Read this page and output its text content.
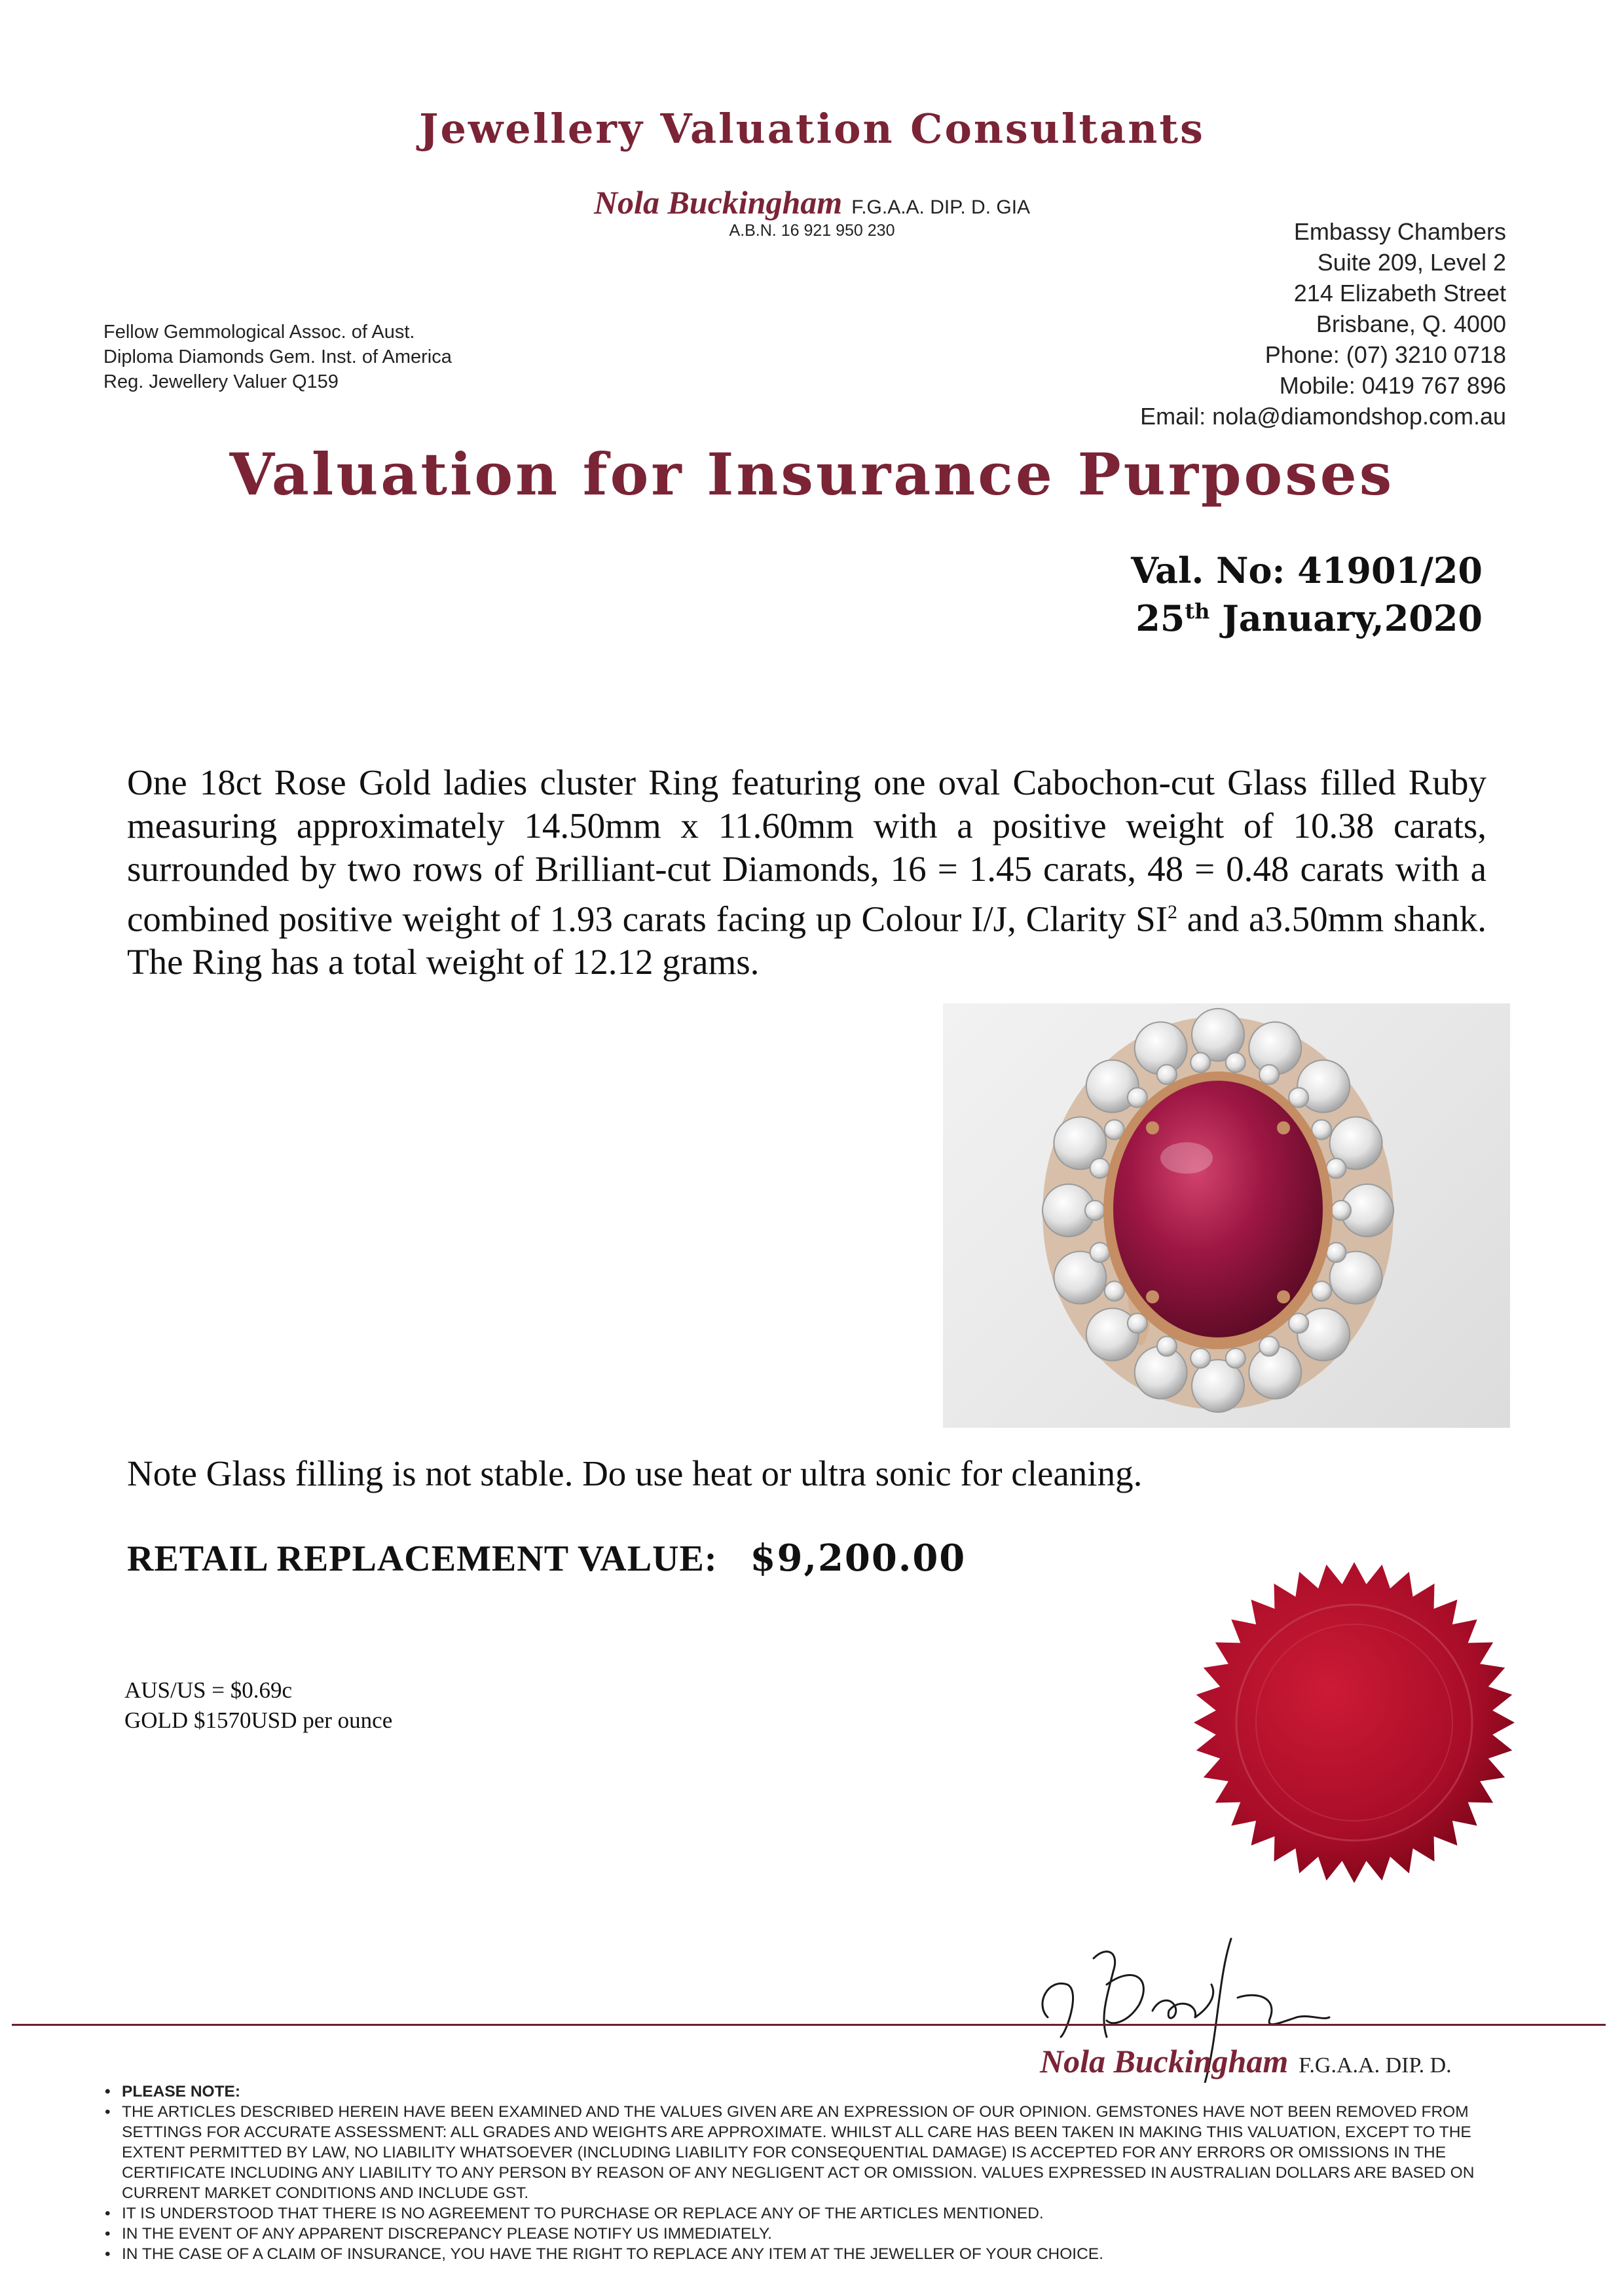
Jewellery Valuation Consultants
Nola Buckingham F.G.A.A. DIP. D. GIA
A.B.N. 16 921 950 230	Embassy Chambers
Suite 209, Level 2
214 Elizabeth Street
Brisbane, Q. 4000
Phone: (07) 3210 0718
Mobile: 0419 767 896
Email: nola@diamondshop.com.au
Fellow Gemmological Assoc. of Aust.
Diploma Diamonds Gem. Inst. of America
Reg. Jewellery Valuer Q159
Valuation for Insurance Purposes
Val. No: 41901/20
25th January,2020
One 18ct Rose Gold ladies cluster Ring featuring one oval Cabochon-cut Glass filled Ruby measuring approximately 14.50mm x 11.60mm with a positive weight of 10.38 carats, surrounded by two rows of Brilliant-cut Diamonds, 16 = 1.45 carats, 48 = 0.48 carats with a combined positive weight of 1.93 carats facing up Colour I/J, Clarity $SI^2$ and a3.50mm shank. The Ring has a total weight of 12.12 grams.
Note Glass filling is not stable. Do use heat or ultra sonic for cleaning.
RETAIL REPLACEMENT VALUE: $9,200.00
AUS/US = $0.69c
GOLD $1570USD per ounce
Nola Buckingham F.G.A.A. DIP. D.
• PLEASE NOTE:
• THE ARTICLES DESCRIBED HEREIN HAVE BEEN EXAMINED AND THE VALUES GIVEN ARE AN EXPRESSION OF OUR OPINION. GEMSTONES HAVE NOT BEEN REMOVED FROM SETTINGS FOR ACCURATE ASSESSMENT: ALL GRADES AND WEIGHTS ARE APPROXIMATE. WHILST ALL CARE HAS BEEN TAKEN IN MAKING THIS VALUATION, EXCEPT TO THE EXTENT PERMITTED BY LAW, NO LIABILITY WHATSOEVER (INCLUDING LIABILITY FOR CONSEQUENTIAL DAMAGE) IS ACCEPTED FOR ANY ERRORS OR OMISSIONS IN THE CERTIFICATE INCLUDING ANY LIABILITY TO ANY PERSON BY REASON OF ANY NEGLIGENT ACT OR OMISSION. VALUES EXPRESSED IN AUSTRALIAN DOLLARS ARE BASED ON CURRENT MARKET CONDITIONS AND INCLUDE GST.
• IT IS UNDERSTOOD THAT THERE IS NO AGREEMENT TO PURCHASE OR REPLACE ANY OF THE ARTICLES MENTIONED.
• IN THE EVENT OF ANY APPARENT DISCREPANCY PLEASE NOTIFY US IMMEDIATELY.
• IN THE CASE OF A CLAIM OF INSURANCE, YOU HAVE THE RIGHT TO REPLACE ANY ITEM AT THE JEWELLER OF YOUR CHOICE.
